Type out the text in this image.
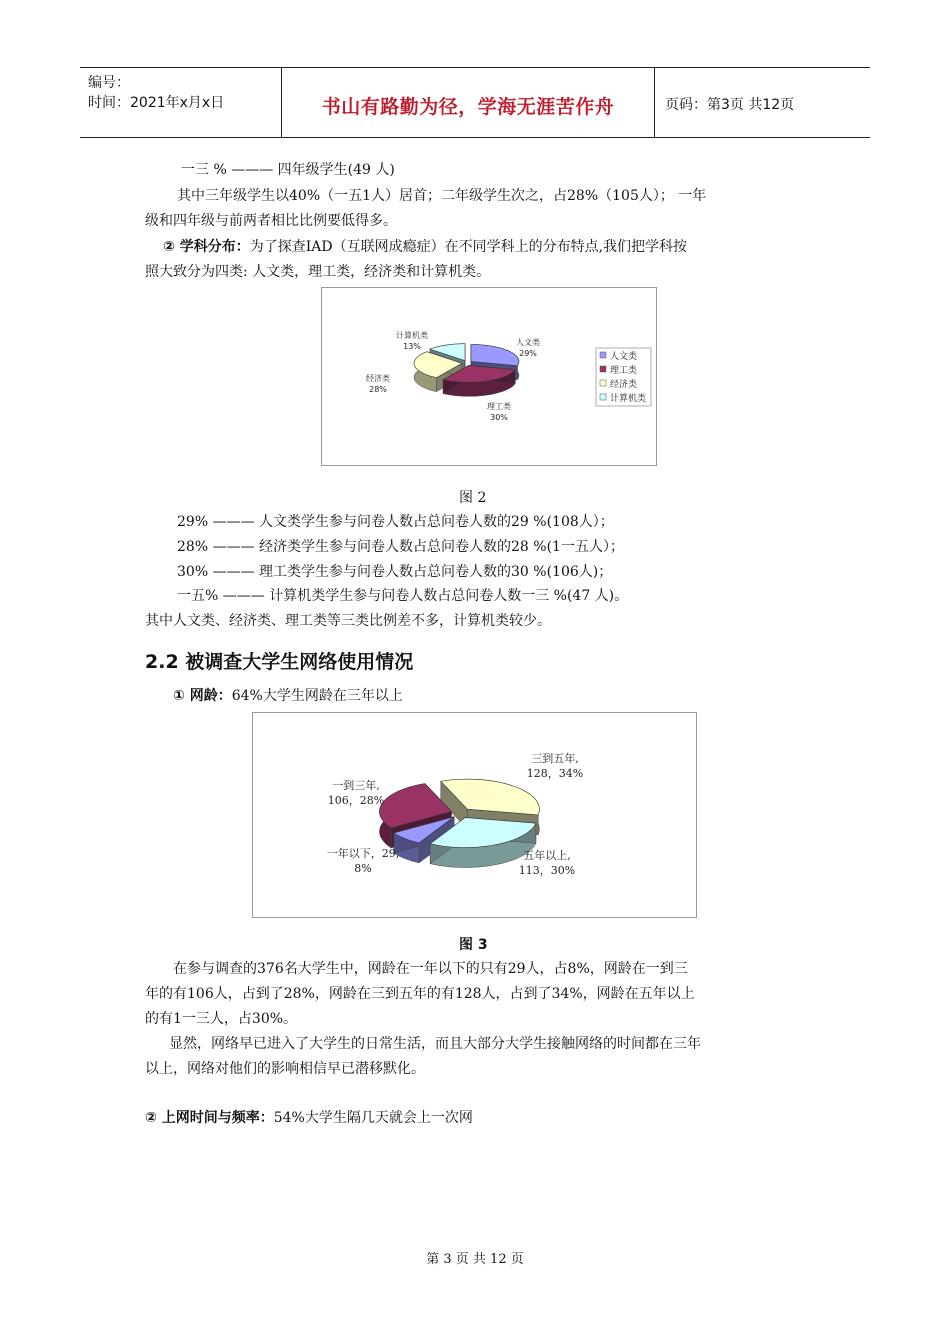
编号：
时间：2021年x月x日	书山有路勤为径，学海无涯苦作舟	页码：第3页 共12页
一三 % ——— 四年级学生(49 人)
其中三年级学生以40%（一五1人）居首；二年级学生次之，占28%（105人）； 一年
级和四年级与前两者相比比例要低得多。
② 学科分布：为了探查IAD（互联网成瘾症）在不同学科上的分布特点,我们把学科按
照大致分为四类: 人文类，理工类，经济类和计算机类。
人文类
29%
理工类
30%
经济类
28%
计算机类
13%
人文类
理工类
经济类
计算机类
图 2
29% ——— 人文类学生参与问卷人数占总问卷人数的29 %(108人）；
28% ——— 经济类学生参与问卷人数占总问卷人数的28 %(1一五人）；
30% ——— 理工类学生参与问卷人数占总问卷人数的30 %(106人)；
一五% ——— 计算机类学生参与问卷人数占总问卷人数一三 %(47 人)。
其中人文类、经济类、理工类等三类比例差不多，计算机类较少。
2.2 被调查大学生网络使用情况
① 网龄：64%大学生网龄在三年以上
三到五年,
128，34%
五年以上,
113，30%
一年以下，29,
8%
一到三年,
106，28%
图 3
在参与调查的376名大学生中，网龄在一年以下的只有29人，占8%，网龄在一到三
年的有106人，占到了28%，网龄在三到五年的有128人，占到了34%，网龄在五年以上
的有1一三人，占30%。
显然，网络早已进入了大学生的日常生活，而且大部分大学生接触网络的时间都在三年
以上，网络对他们的影响相信早已潜移默化。
② 上网时间与频率：54%大学生隔几天就会上一次网
第 3 页 共 12 页
